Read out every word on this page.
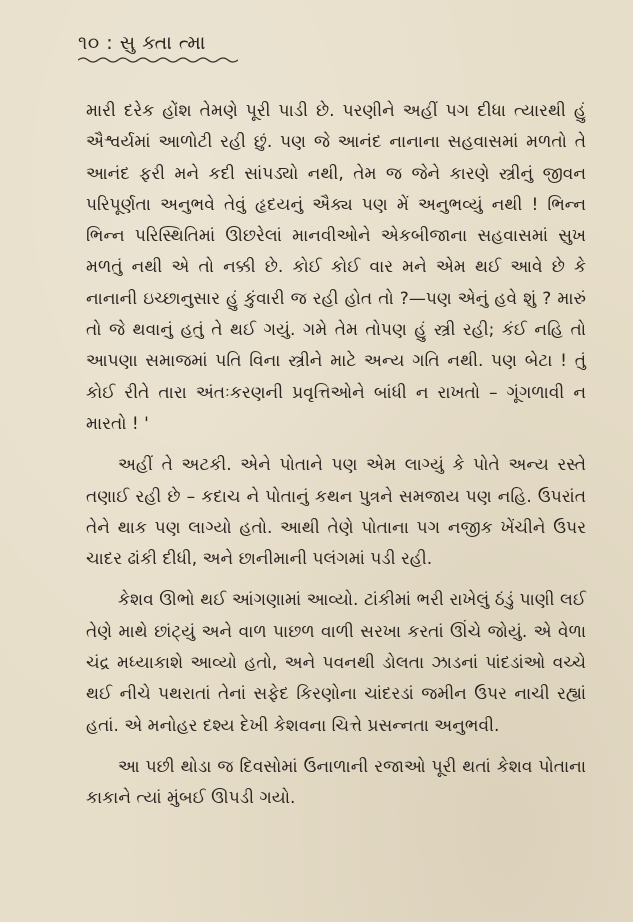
૧૦ : સુ ક્તા ત્મા

મારી દરેક હોંશ તેમણે પૂરી પાડી છે. પરણીને અહીં પગ દીધા ત્યારથી હું ઐશ્વર્યમાં આળોટી રહી છું. પણ જે આનંદ નાનાના સહવાસમાં મળતો તે આનંદ ફરી મને કદી સાંપડ્યો નથી, તેમ જ જેને કારણે સ્ત્રીનું જીવન પરિપૂર્ણતા અનુભવે તેવું હૃદયનું ઐક્ય પણ મેં અનુભવ્યું નથી ! ભિન્ન ભિન્ન પરિસ્થિતિમાં ઊછરેલાં માનવીઓને એકબીજાના સહવાસમાં સુખ મળતું નથી એ તો નક્કી છે. કોઈ કોઈ વાર મને એમ થઈ આવે છે કે નાનાની ઇચ્છાનુસાર હું કુંવારી જ રહી હોત તો ?—પણ એનું હવે શું ? મારું તો જે થવાનું હતું તે થઈ ગયું. ગમે તેમ તોપણ હું સ્ત્રી રહી; કંઈ નહિ તો આપણા સમાજમાં પતિ વિના સ્ત્રીને માટે અન્ય ગતિ નથી. પણ બેટા ! તું કોઈ રીતે તારા અંતઃકરણની પ્રવૃત્તિઓને બાંધી ન રાખતો – ગૂંગળાવી ન મારતો ! '

અહીં તે અટકી. એને પોતાને પણ એમ લાગ્યું કે પોતે અન્ય રસ્તે તણાઈ રહી છે – કદાચ ને પોતાનું કથન પુત્રને સમજાય પણ નહિ. ઉપરાંત તેને થાક પણ લાગ્યો હતો. આથી તેણે પોતાના પગ નજીક ખેંચીને ઉપર ચાદર ઢાંકી દીધી, અને છાનીમાની પલંગમાં પડી રહી.

કેશવ ઊભો થઈ આંગણામાં આવ્યો. ટાંકીમાં ભરી રાખેલું ઠંડું પાણી લઈ તેણે માથે છાંટ્યું અને વાળ પાછળ વાળી સરખા કરતાં ઊંચે જોયું. એ વેળા ચંદ્ર મધ્યાકાશે આવ્યો હતો, અને પવનથી ડોલતા ઝાડનાં પાંદડાંઓ વચ્ચે થઈ નીચે પથરાતાં તેનાં સફેદ કિરણોના ચાંદરડાં જમીન ઉપર નાચી રહ્યાં હતાં. એ મનોહર દશ્ય દેખી કેશવના ચિત્તે પ્રસન્નતા અનુભવી.

આ પછી થોડા જ દિવસોમાં ઉનાળાની રજાઓ પૂરી થતાં કેશવ પોતાના કાકાને ત્યાં મુંબઈ ઊપડી ગયો.
